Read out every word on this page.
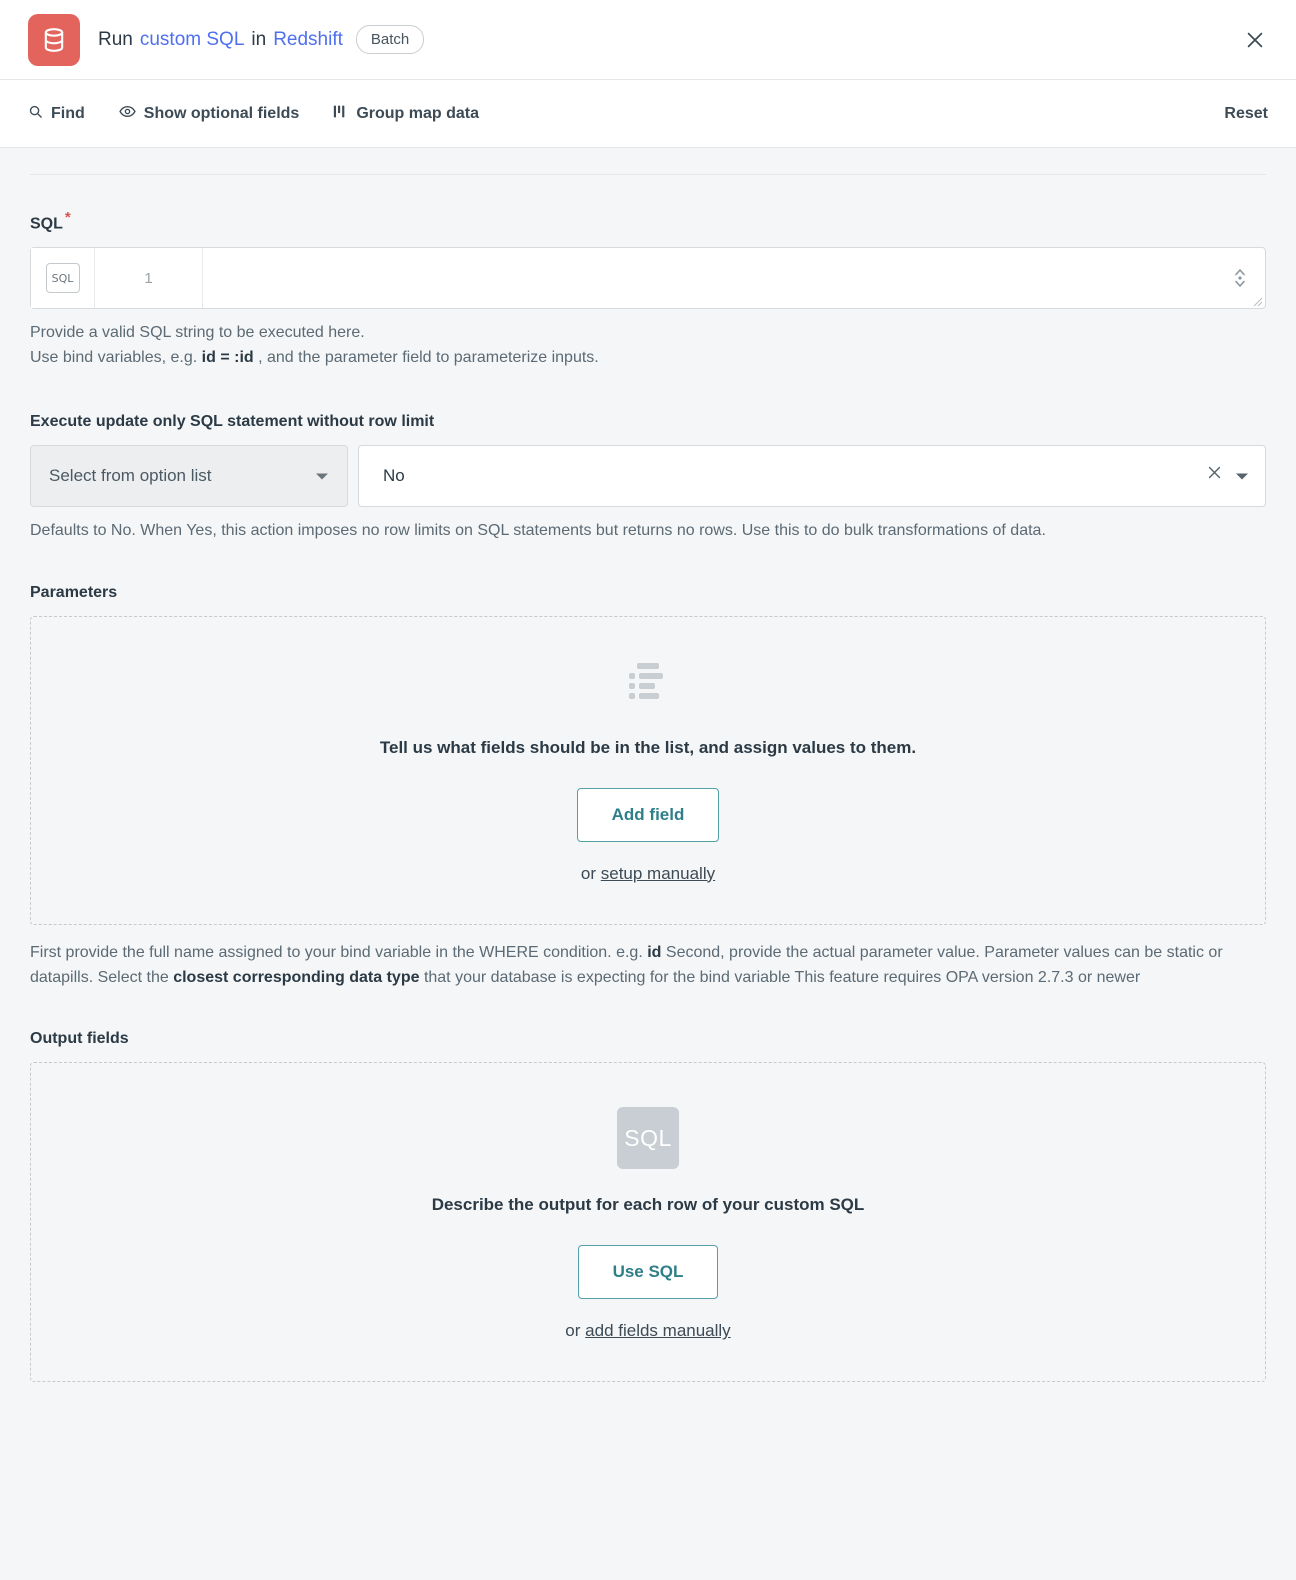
Run custom SQL in Redshift	Batch
Find	Show optional fields	Group map data	Reset
SQL *
SQL	1
Provide a valid SQL string to be executed here.
Use bind variables, e.g. id = :id , and the parameter field to parameterize inputs.
Execute update only SQL statement without row limit
Select from option list	No
Defaults to No. When Yes, this action imposes no row limits on SQL statements but returns no rows. Use this to do bulk transformations of data.
Parameters
Tell us what fields should be in the list, and assign values to them.
Add field
or setup manually
First provide the full name assigned to your bind variable in the WHERE condition. e.g. id Second, provide the actual parameter value. Parameter values can be static or datapills. Select the closest corresponding data type that your database is expecting for the bind variable This feature requires OPA version 2.7.3 or newer
Output fields
SQL
Describe the output for each row of your custom SQL
Use SQL
or add fields manually
